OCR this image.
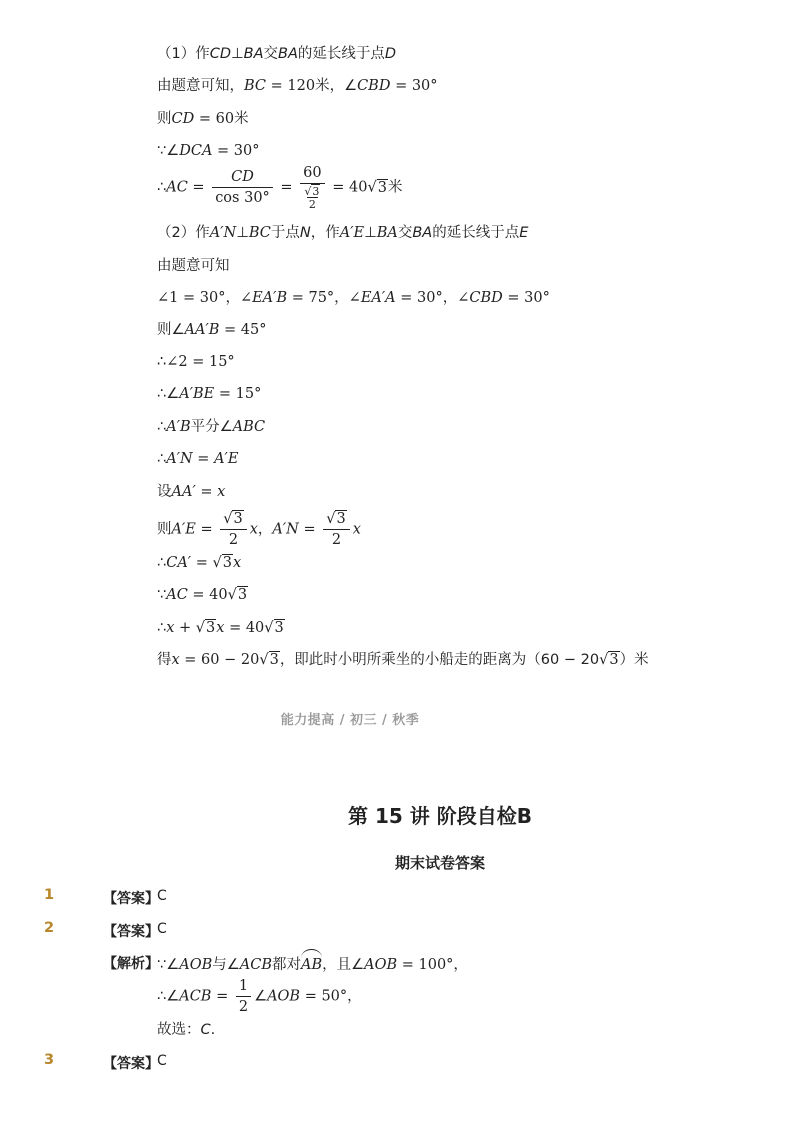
（1）作CD⊥BA交BA的延长线于点D
由题意可知，BC = 120米，∠CBD = 30°
则CD = 60米
∵∠DCA = 30°
∴AC = $\frac{CD}{\cos 30^\circ}$ =
60
√3
2
= 40√3米
（2）作A′N⊥BC于点N，作A′E⊥BA交BA的延长线于点E
由题意可知
∠1 = 30°，∠EA′B = 75°，∠EA′A = 30°，∠CBD = 30°
则∠AA′B = 45°
∴∠2 = 15°
∴∠A′BE = 15°
∴A′B平分∠ABC
∴A′N = A′E
设AA′ = x
则$A'E = \frac{√3}{2}$ x，$A'N = \frac{√3}{2}$ x
∴CA′ = √3x
∵AC = 40√3
∴x + √3x = 40√3
得x = 60 − 20√3，即此时小明所乘坐的小船走的距离为（60 − 20√3）米
能力提高 / 初三 / 秋季
第 15 讲 阶段自检B
期末试卷答案
1	【答案】
C
2	【答案】
C
【解析】
∵∠AOB与∠ACB都对AB，且∠AOB = 100°，
∴∠ACB = $\frac{1}{2}$ ∠AOB = 50°，
故选：C.
3	【答案】
C
